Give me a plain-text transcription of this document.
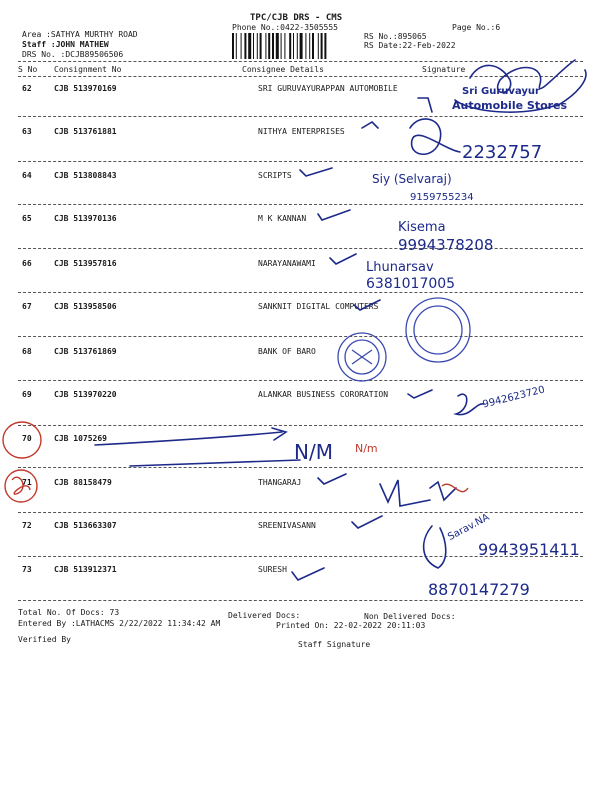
TPC/CJB DRS - CMS
Phone No.:0422-3505555	Page No.:6
Area :SATHYA MURTHY ROAD
Staff :JOHN MATHEW
DRS No. :DCJB89506506
RS No.:895065
RS Date:22-Feb-2022
S No Consignment No	Consignee Details	Signature
62	CJB 513970169	SRI GURUVAYURAPPAN AUTOMOBILE
63	CJB 513761881	NITHYA ENTERPRISES
64	CJB 513808843	SCRIPTS
65	CJB 513970136	M K KANNAN
66	CJB 513957816	NARAYANAWAMI
67	CJB 513958506	SANKNIT DIGITAL COMPUTERS
68	CJB 513761869	BANK OF BARO
69	CJB 513970220	ALANKAR BUSINESS CORORATION
70	CJB 1075269
71	CJB 88158479	THANGARAJ
72	CJB 513663307	SREENIVASANN
73	CJB 513912371	SURESH
Total No. Of Docs: 73	Delivered Docs:	Non Delivered Docs:
Entered By :LATHACMS 2/22/2022 11:34:42 AM	Printed On: 22-02-2022 20:11:03
Verified By
Staff Signature
Sri Guruvayur
Automobile Stores
2232757
Siy (Selvaraj)
9159755234
Kisema
9994378208
Lhunarsav
6381017005
9942623720
N/M N/m
Sarav.NA
9943951411
8870147279
